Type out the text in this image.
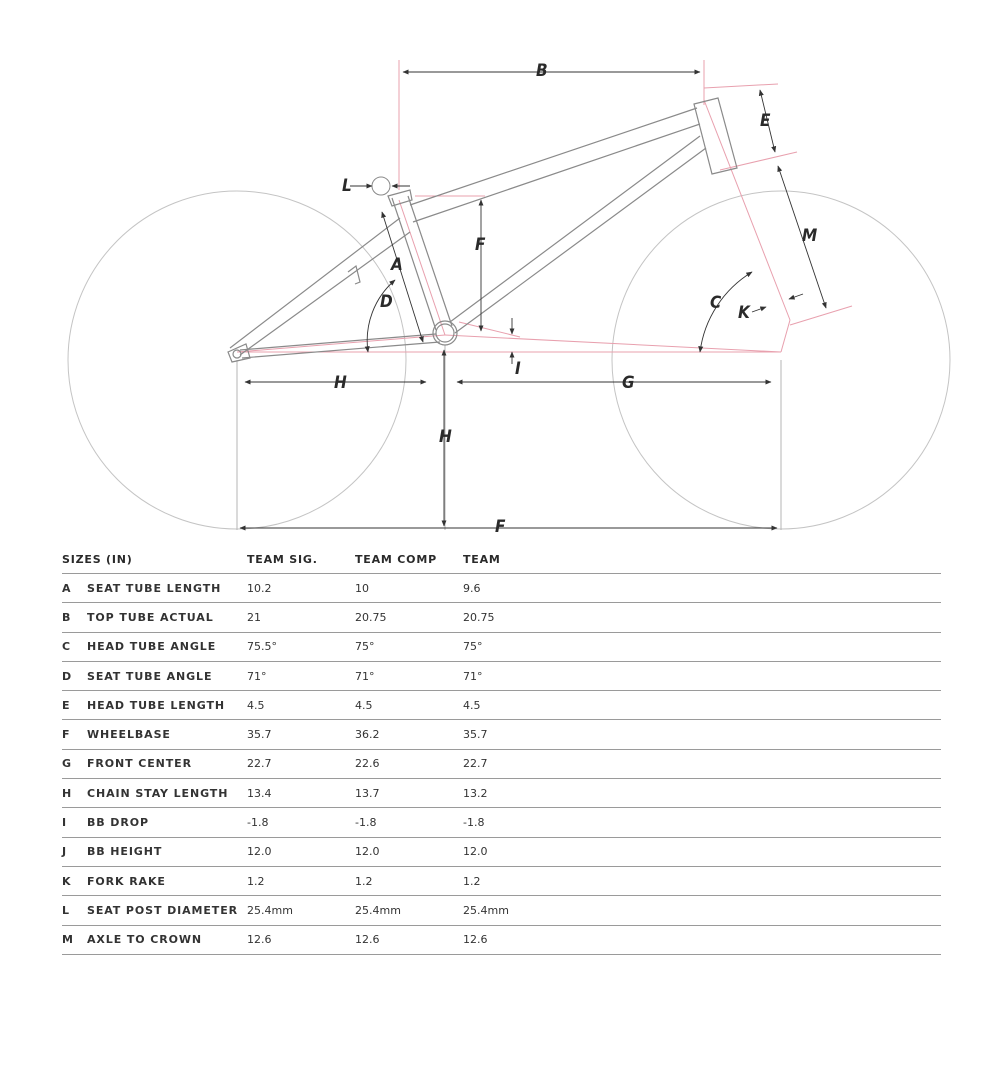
B
E
L
F	M
A
D	C K
I
H	G
H
F
SIZES (IN)		TEAM SIG.	TEAM COMP	TEAM
A	SEAT TUBE LENGTH	10.2	10	9.6
B	TOP TUBE ACTUAL	21	20.75	20.75
C	HEAD TUBE ANGLE	75.5°	75°	75°
D	SEAT TUBE ANGLE	71°	71°	71°
E	HEAD TUBE LENGTH	4.5	4.5	4.5
F	WHEELBASE	35.7	36.2	35.7
G	FRONT CENTER	22.7	22.6	22.7
H	CHAIN STAY LENGTH	13.4	13.7	13.2
I	BB DROP	-1.8	-1.8	-1.8
J	BB HEIGHT	12.0	12.0	12.0
K	FORK RAKE	1.2	1.2	1.2
L	SEAT POST DIAMETER	25.4mm	25.4mm	25.4mm
M	AXLE TO CROWN	12.6	12.6	12.6
